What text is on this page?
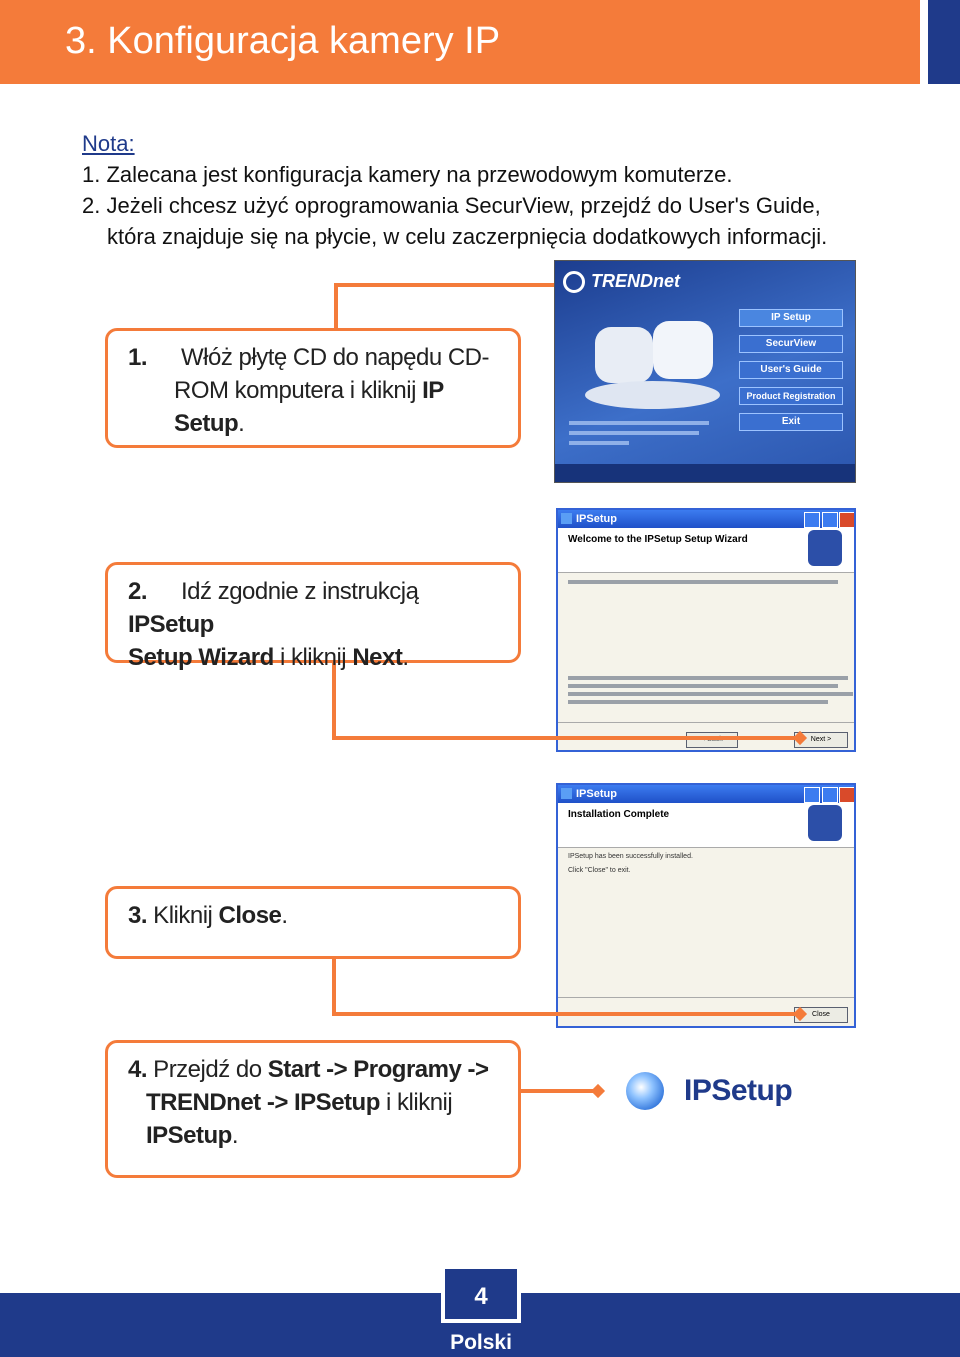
3. Konfiguracja kamery IP
Nota:
1. Zalecana jest konfiguracja kamery na przewodowym komuterze.
2. Jeżeli chcesz użyć oprogramowania SecurView, przejdź do User's Guide,
która znajduje się na płycie, w celu zaczerpnięcia dodatkowych informacji.
TRENDnet
IP Setup
SecurView
User's Guide
Product Registration
Exit
1. Włóż płytę CD do napędu CD-
ROM komputera i kliknij IP
Setup.
IPSetup
Welcome to the IPSetup Setup Wizard
Next >
2. Idź zgodnie z instrukcją IPSetup
Setup Wizard i kliknij Next.
IPSetup
Installation Complete
IPSetup has been successfully installed.
Click "Close" to exit.
Close
3. Kliknij Close.
4. Przejdź do Start -> Programy ->
TRENDnet -> IPSetup i kliknij
IPSetup.
IPSetup
4
Polski
